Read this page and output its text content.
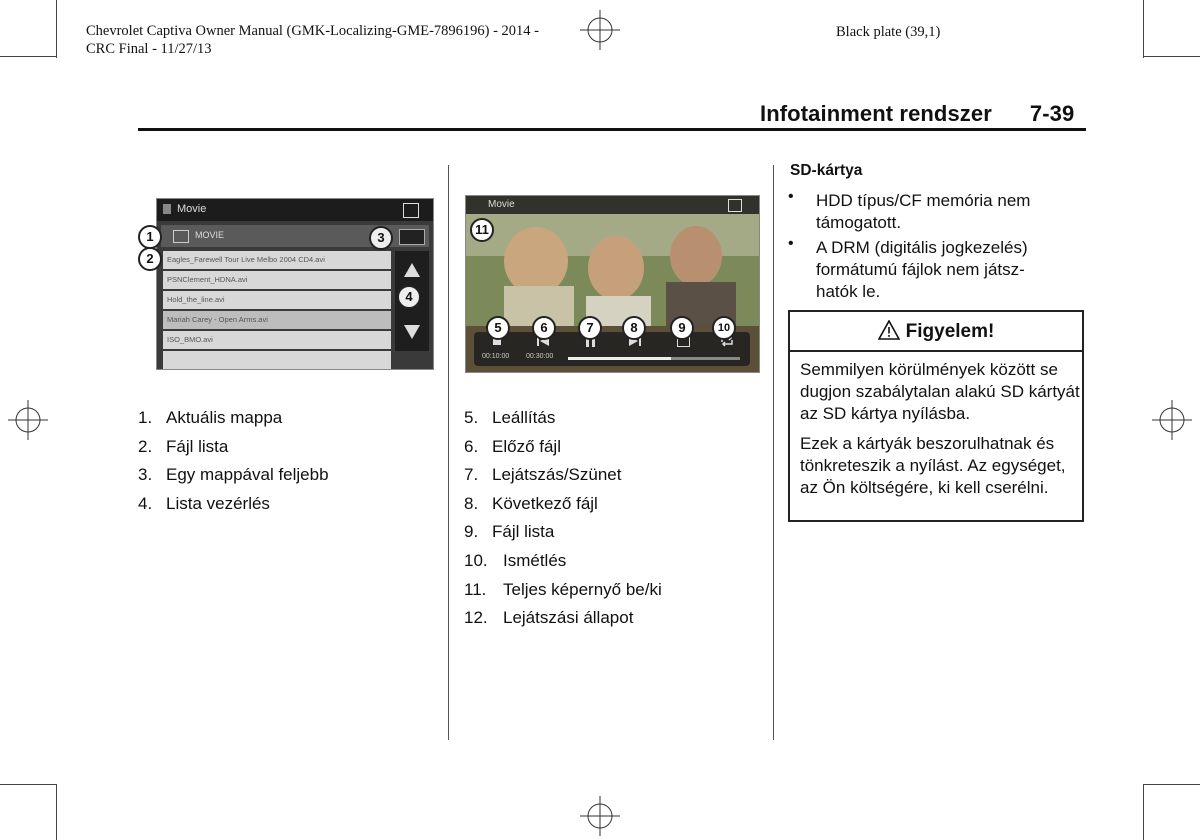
Chevrolet Captiva Owner Manual (GMK-Localizing-GME-7896196) - 2014 -
CRC Final - 11/27/13
Black plate (39,1)
Infotainment rendszer 7-39
Movie
MOVIE
Eagles_Farewell Tour Live Melbo 2004 CD4.avi
PSNClement_HDNA.avi
Hold_the_line.avi
Mariah Carey - Open Arms.avi
ISO_BMO.avi
3
4
1
2
Movie
00:10:00 00:30:00
11
5	6	7	8	9	10
1. Aktuális mappa
2. Fájl lista
3. Egy mappával feljebb
4. Lista vezérlés
5. Leállítás
6. Előző fájl
7. Lejátszás/Szünet
8. Következő fájl
9. Fájl lista
10. Ismétlés
11. Teljes képernyő be/ki
12. Lejátszási állapot
SD-kártya
• HDD típus/CF memória nem támogatott.
• A DRM (digitális jogkezelés) formátumú fájlok nem játsz-hatók le.
Figyelem!
Semmilyen körülmények között se dugjon szabálytalan alakú SD kártyát az SD kártya nyílásba.
Ezek a kártyák beszorulhatnak és tönkreteszik a nyílást. Az egységet, az Ön költségére, ki kell cserélni.
